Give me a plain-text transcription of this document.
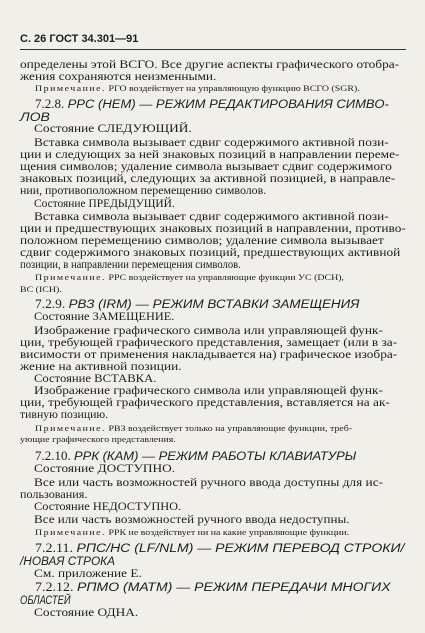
С. 26 ГОСТ 34.301—91
определены этой ВСГО. Все другие аспекты графического отобра-
жения сохраняются неизменными.
Примечание. РГО воздействует на управляющую функцию ВСГО (SGR).
7.2.8. РРС (НЕМ) — РЕЖИМ РЕДАКТИРОВАНИЯ СИМВО-
ЛОВ
Состояние СЛЕДУЮЩИЙ.
Вставка символа вызывает сдвиг содержимого активной пози-
ции и следующих за ней знаковых позиций в направлении переме-
щения символов; удаление символа вызывает сдвиг содержимого
знаковых позиций, следующих за активной позицией, в направле-
нии, противоположном перемещению символов.
Состояние ПРЕДЫДУЩИЙ.
Вставка символа вызывает сдвиг содержимого активной пози-
ции и предшествующих знаковых позиций в направлении, противо-
положном перемещению символов; удаление символа вызывает
сдвиг содержимого знаковых позиций, предшествующих активной
позиции, в направлении перемещения символов.
Примечание. РРС воздействует на управляющие функции УС (DCH),
ВС (ICH).
7.2.9. РВЗ (IRM) — РЕЖИМ ВСТАВКИ ЗАМЕЩЕНИЯ
Состояние ЗАМЕЩЕНИЕ.
Изображение графического символа или управляющей функ-
ции, требующей графического представления, замещает (или в за-
висимости от применения накладывается на) графическое изобра-
жение на активной позиции.
Состояние ВСТАВКА.
Изображение графического символа или управляющей функ-
ции, требующей графического представления, вставляется на ак-
тивную позицию.
Примечание. РВЗ воздействует только на управляющие функции, треб-
ующие графического представления.
7.2.10. РРК (КАМ) — РЕЖИМ РАБОТЫ КЛАВИАТУРЫ
Состояние ДОСТУПНО.
Все или часть возможностей ручного ввода доступны для ис-
пользования.
Состояние НЕДОСТУПНО.
Все или часть возможностей ручного ввода недоступны.
Примечание. РРК не воздействует ни на какие управляющие функции.
7.2.11. РПС/НС (LF/NLM) — РЕЖИМ ПЕРЕВОД СТРОКИ/
/НОВАЯ СТРОКА
См. приложение Е.
7.2.12. РПМО (МАТМ) — РЕЖИМ ПЕРЕДАЧИ МНОГИХ
ОБЛАСТЕЙ
Состояние ОДНА.
